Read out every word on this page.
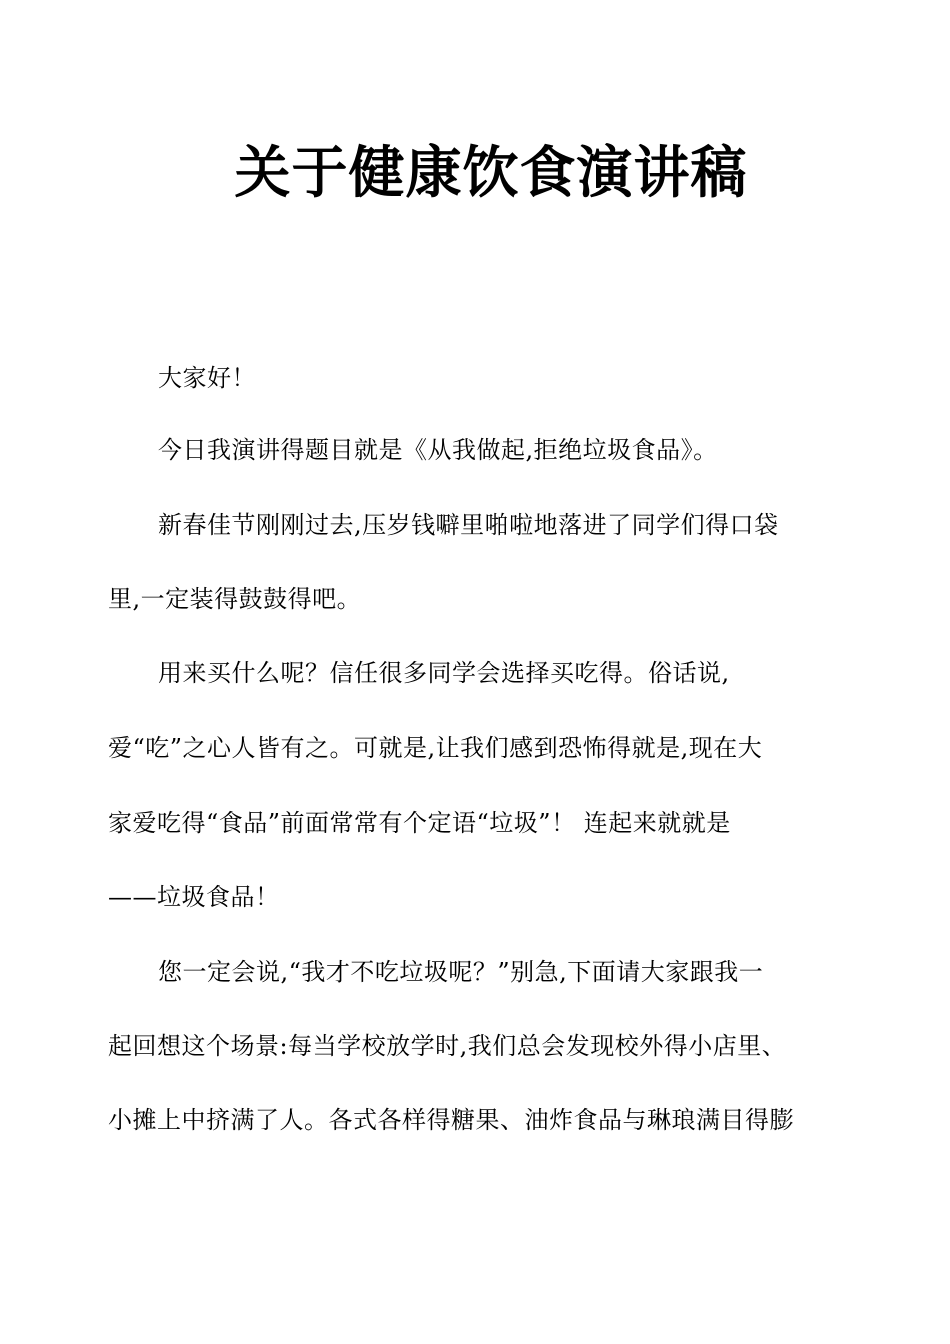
关于健康饮食演讲稿
大家好！
今日我演讲得题目就是《从我做起,拒绝垃圾食品》。
新春佳节刚刚过去,压岁钱噼里啪啦地落进了同学们得口袋
里,一定装得鼓鼓得吧。
用来买什么呢？信任很多同学会选择买吃得。俗话说,
爱“吃”之心人皆有之。可就是,让我们感到恐怖得就是,现在大
家爱吃得“食品”前面常常有个定语“垃圾”！ 连起来就就是
——垃圾食品！
您一定会说,“我才不吃垃圾呢？”别急,下面请大家跟我一
起回想这个场景:每当学校放学时,我们总会发现校外得小店里、
小摊上中挤满了人。各式各样得糖果、油炸食品与琳琅满目得膨
